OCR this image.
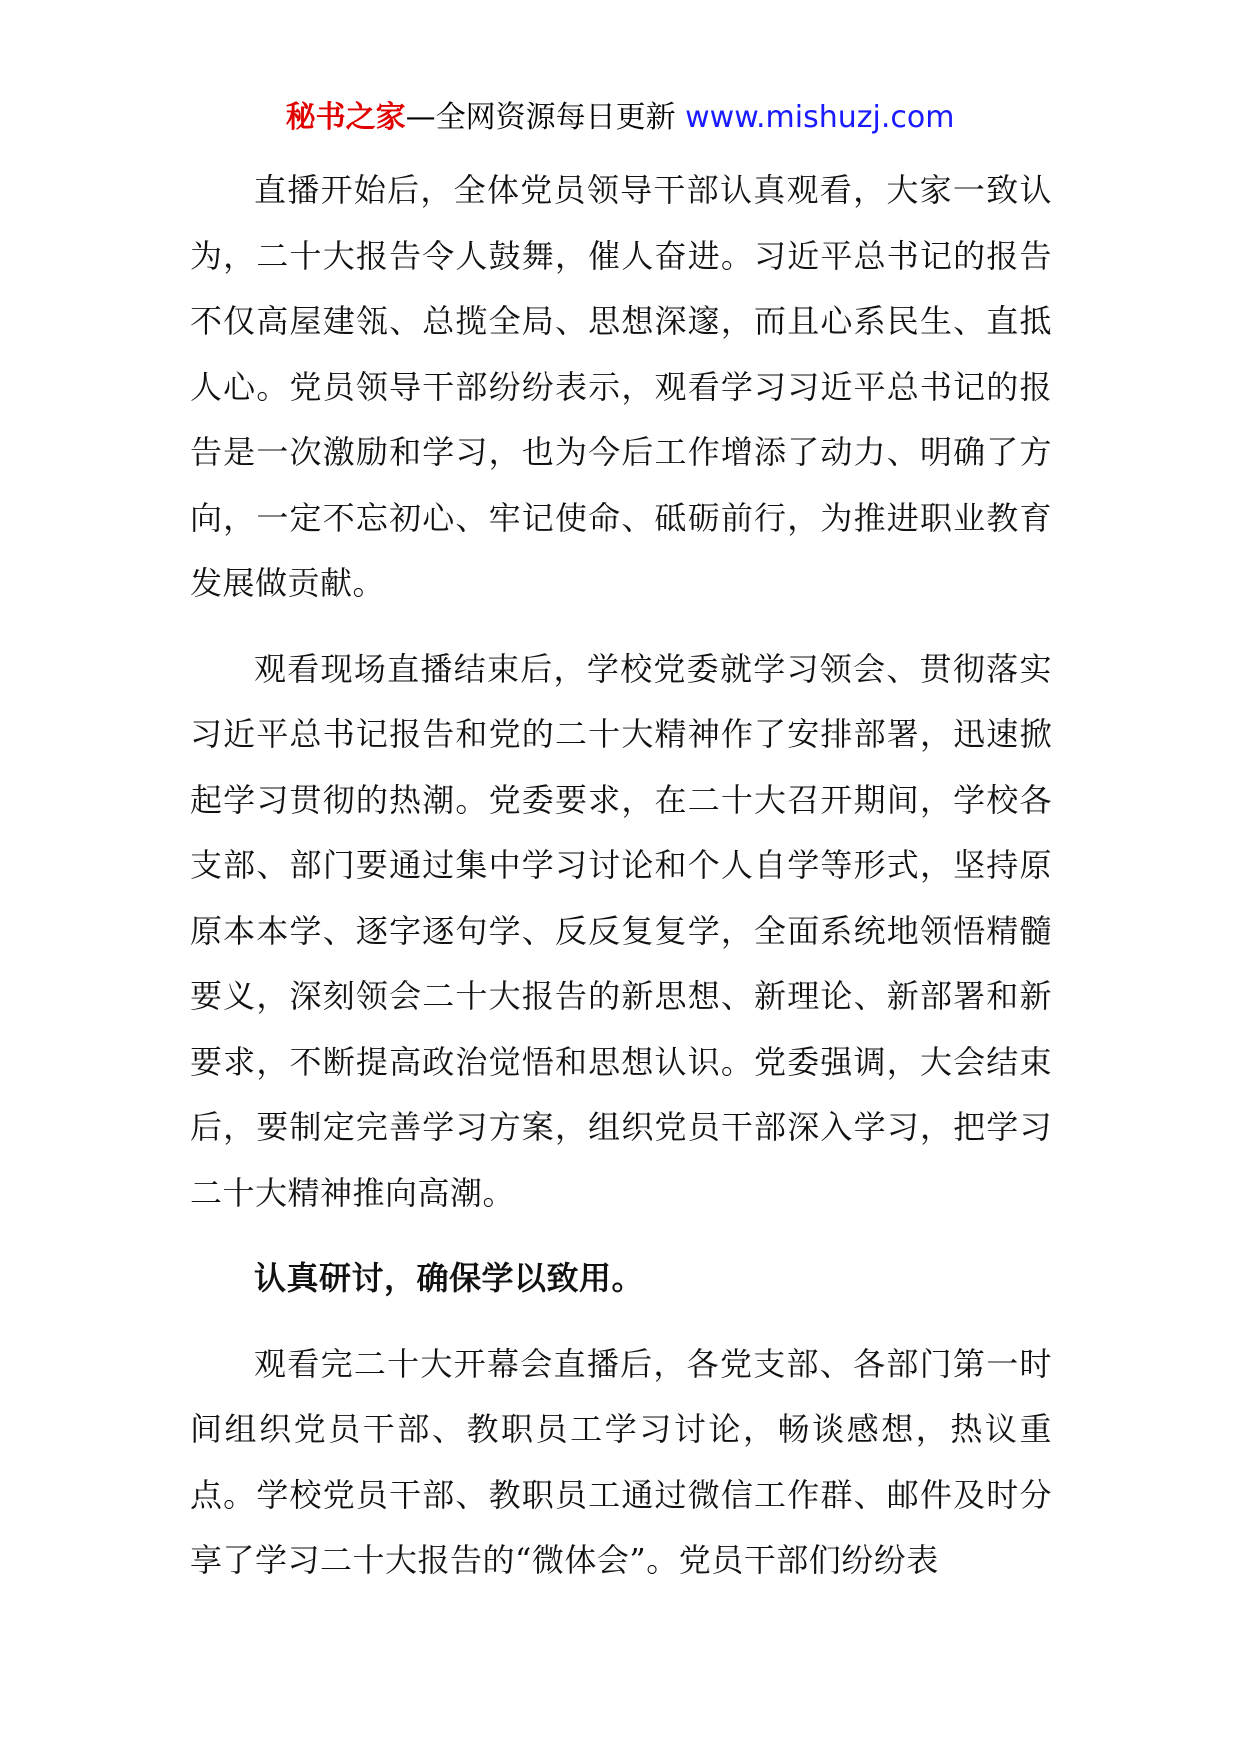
秘书之家—全网资源每日更新 www.mishuzj.com

直播开始后，全体党员领导干部认真观看，大家一致认为，二十大报告令人鼓舞，催人奋进。习近平总书记的报告不仅高屋建瓴、总揽全局、思想深邃，而且心系民生、直抵人心。党员领导干部纷纷表示，观看学习习近平总书记的报告是一次激励和学习，也为今后工作增添了动力、明确了方向，一定不忘初心、牢记使命、砥砺前行，为推进职业教育发展做贡献。

观看现场直播结束后，学校党委就学习领会、贯彻落实习近平总书记报告和党的二十大精神作了安排部署，迅速掀起学习贯彻的热潮。党委要求，在二十大召开期间，学校各支部、部门要通过集中学习讨论和个人自学等形式，坚持原原本本学、逐字逐句学、反反复复学，全面系统地领悟精髓要义，深刻领会二十大报告的新思想、新理论、新部署和新要求，不断提高政治觉悟和思想认识。党委强调，大会结束后，要制定完善学习方案，组织党员干部深入学习，把学习二十大精神推向高潮。

认真研讨，确保学以致用。

观看完二十大开幕会直播后，各党支部、各部门第一时间组织党员干部、教职员工学习讨论，畅谈感想，热议重点。学校党员干部、教职员工通过微信工作群、邮件及时分享了学习二十大报告的“微体会”。党员干部们纷纷表
